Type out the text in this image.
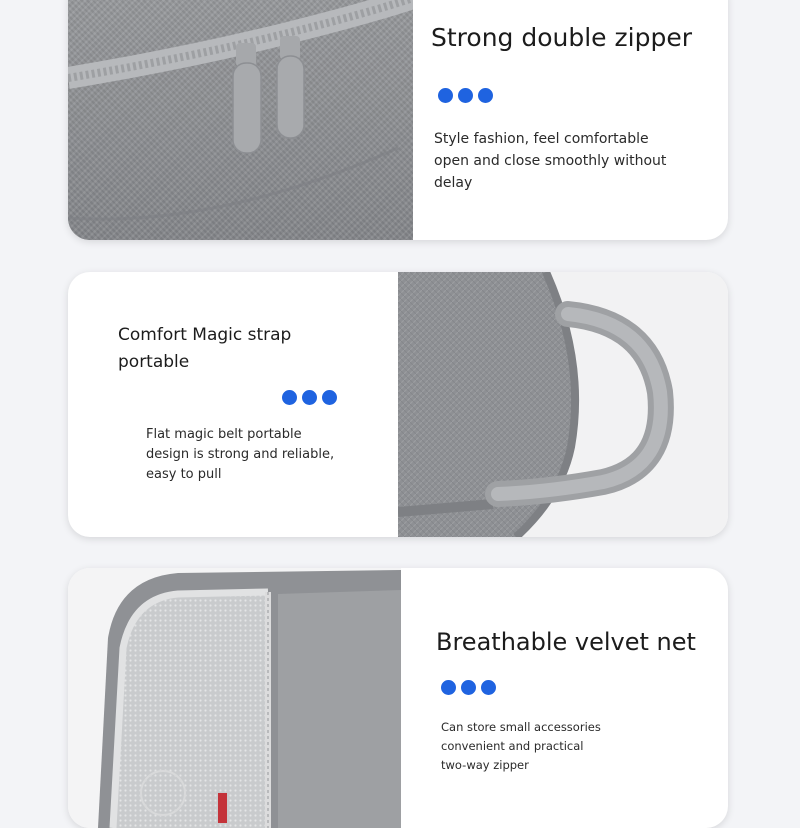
Strong double zipper

Style fashion, feel comfortable
open and close smoothly without
delay

Comfort Magic strap
portable

Flat magic belt portable
design is strong and reliable,
easy to pull

Breathable velvet net

Can store small accessories
convenient and practical
two-way zipper
